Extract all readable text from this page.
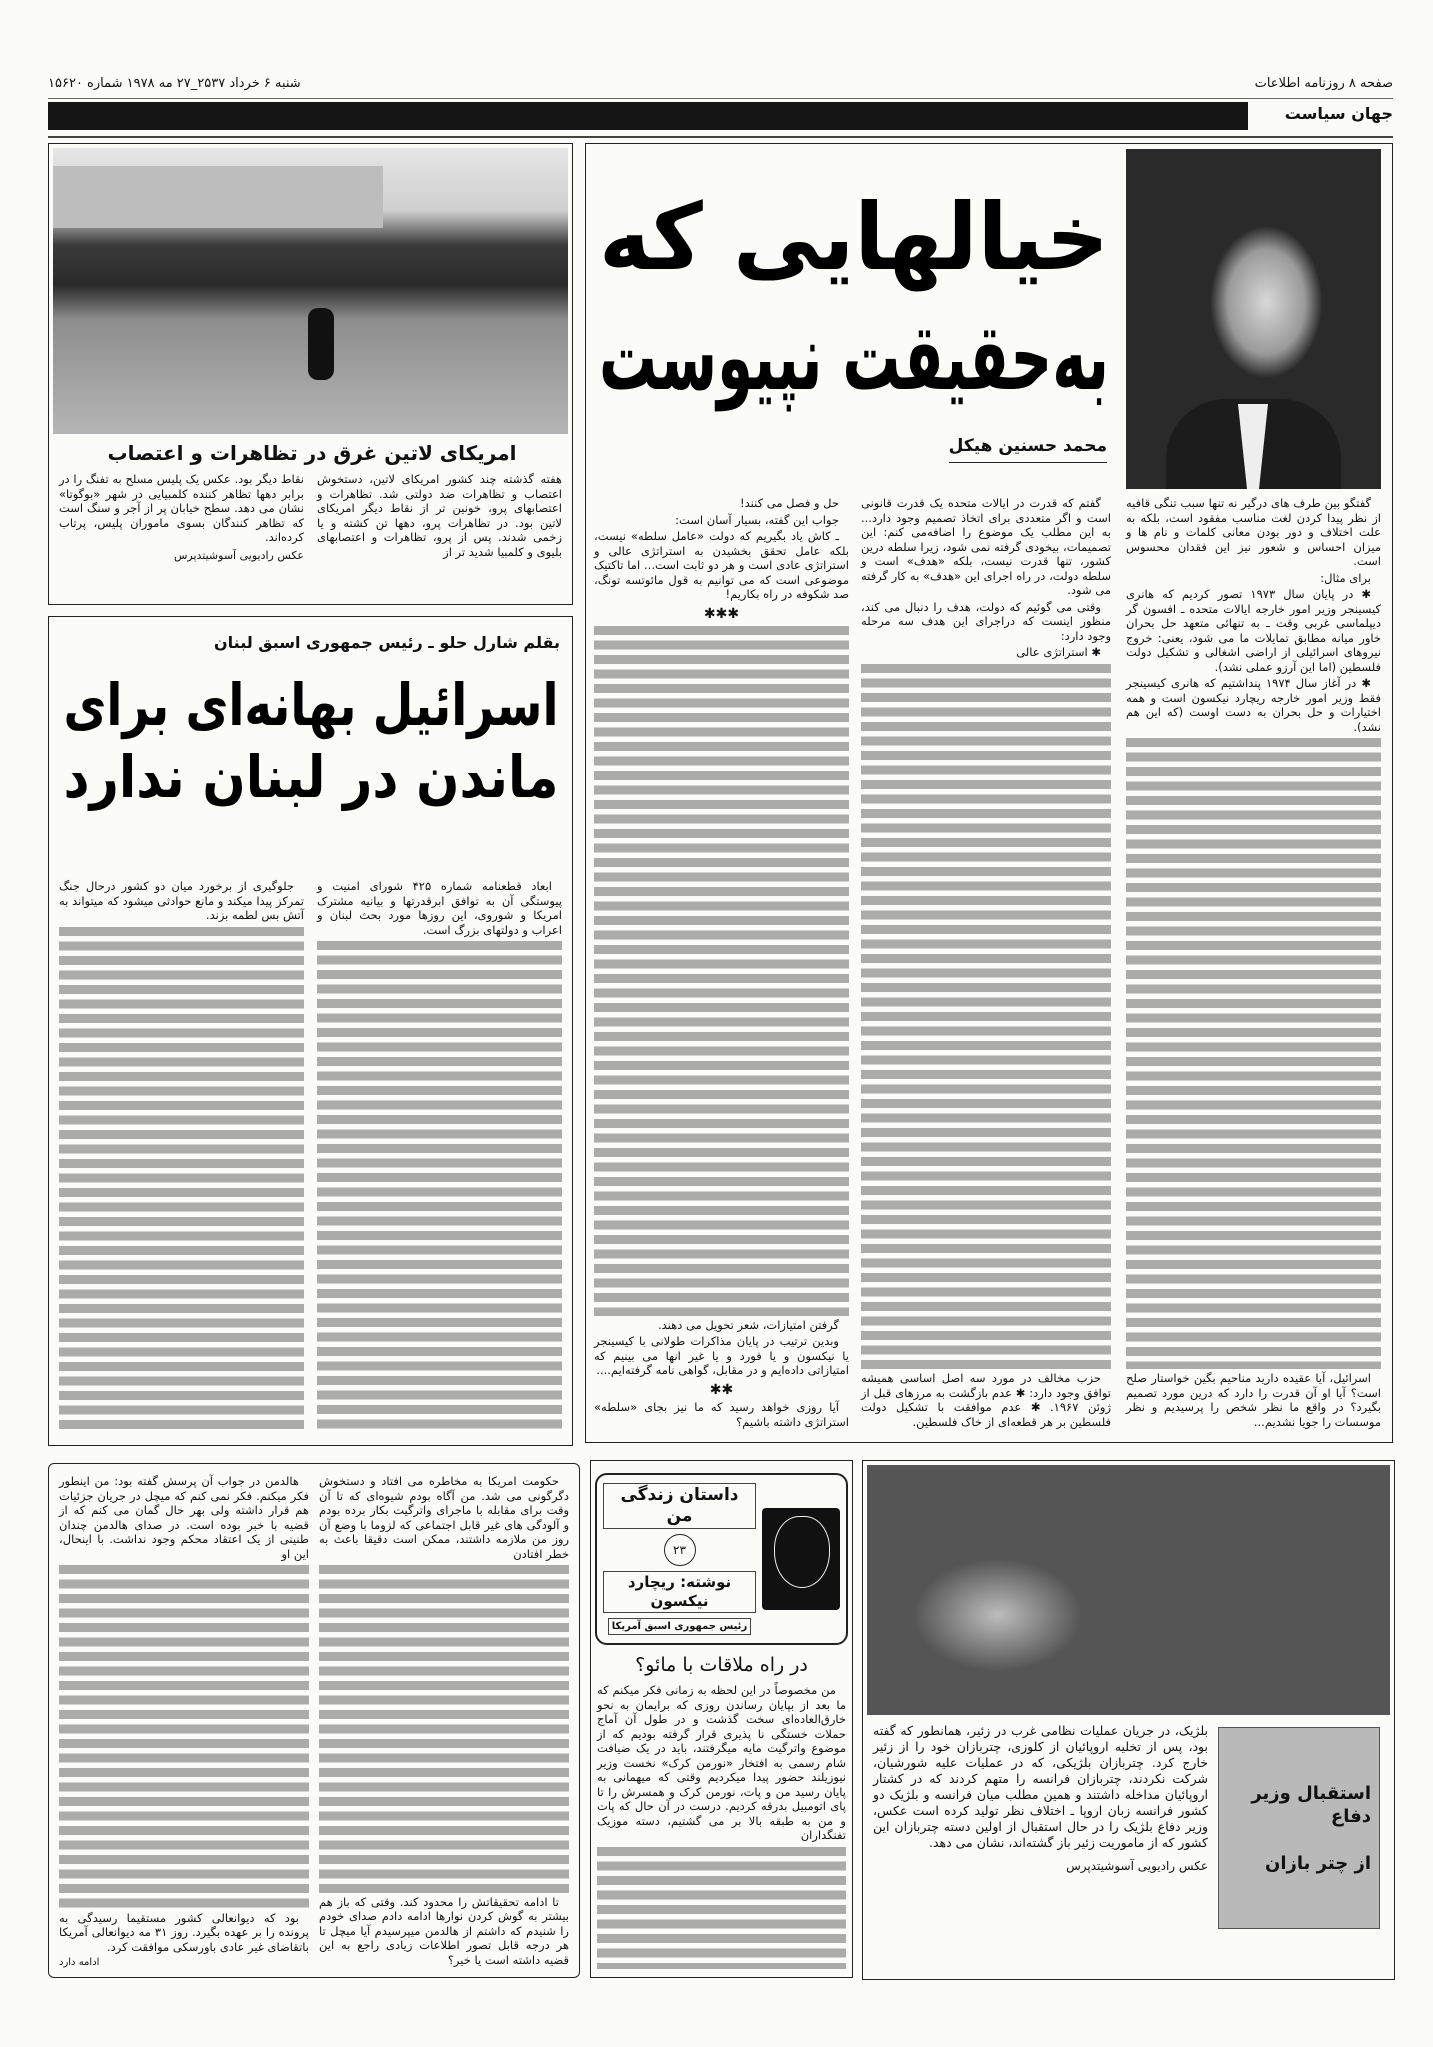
صفحه ۸ روزنامه اطلاعات
شنبه ۶ خرداد ۲۵۳۷_۲۷ مه ۱۹۷۸ شماره ۱۵۶۲۰
جهان سیاست
خیالهایی که
به‌حقیقت نپیوست
محمد حسنین هیکل

گفتگو بین طرف های درگیر نه تنها سبب تنگی قافیه از نظر پیدا کردن لغت مناسب مفقود است، بلکه به علت اختلاف و دور بودن معانی کلمات و نام ها و میزان احساس و شعور نیز این فقدان محسوس است.

برای مثال:

✱ در پایان سال ۱۹۷۳ تصور کردیم که هانری کیسینجر وزیر امور خارجه ایالات متحده ـ افسون گر دیپلماسی غربی وقت ـ به تنهائی متعهد حل بحران خاور میانه مطابق تمایلات ما می شود، یعنی: خروج نیروهای اسرائیلی از اراضی اشغالی و تشکیل دولت فلسطین (اما این آرزو عملی نشد).

✱ در آغاز سال ۱۹۷۴ پنداشتیم که هانری کیسینجر فقط وزیر امور خارجه ریچارد نیکسون است و همه اختیارات و حل بحران به دست اوست (که این هم نشد).

اسرائیل، آیا عقیده دارید مناحیم بگین خواستار صلح است؟ آیا او آن قدرت را دارد که درین مورد تصمیم بگیرد؟ در واقع ما نظر شخص را پرسیدیم و نظر موسسات را جویا نشدیم...

گفتم که قدرت در ایالات متحده یک قدرت قانونی است و اگر متعددی برای اتخاذ تصمیم وجود دارد... به این مطلب یک موضوع را اضافه‌می کنم: این تصمیمات، بیخودی گرفته نمی شود، زیرا سلطه درین کشور، تنها قدرت نیست، بلکه «هدف» است و سلطه دولت، در راه اجرای این «هدف» به کار گرفته می شود.

وقتی می گوئیم که دولت، هدف را دنبال می کند، منظور اینست که دراجرای این هدف سه مرحله وجود دارد:

✱ استراتژی عالی

حزب مخالف در مورد سه اصل اساسی همیشه توافق وجود دارد: ✱ عدم بازگشت به مرزهای قبل از ژوئن ۱۹۶۷. ✱ عدم موافقت با تشکیل دولت فلسطین بر هر قطعه‌ای از خاک فلسطین.

حل و فصل می کنند!

جواب این گفته، بسیار آسان است:

ـ کاش یاد بگیریم که دولت «عامل سلطه» نیست، بلکه عامل تحقق بخشیدن به استراتژی عالی و استراتژی عادی است و هر دو ثابت است... اما تاکتیک موضوعی است که می توانیم به قول مائوتسه تونگ، صد شکوفه در راه بکاریم!

✱✱✱

گرفتن امتیازات، شعر تحویل می دهند.

وبدین ترتیب در پایان مذاکرات طولانی با کیسینجر یا نیکسون و یا فورد و یا غیر انها می بینیم که امتیازاتی داده‌ایم و در مقابل، گواهی نامه گرفته‌ایم....

✱✱

آیا روزی خواهد رسید که ما نیز بجای «سلطه» استراتژی داشته باشیم؟

امریکای لاتین غرق در تظاهرات و اعتصاب
هفته گذشته چند کشور امریکای لاتین، دستخوش اعتصاب و تظاهرات ضد دولتی شد. تظاهرات و اعتصابهای پرو، خونین تر از نقاط دیگر امریکای لاتین بود. در تظاهرات پرو، دهها تن کشته و یا زخمی شدند. پس از پرو، تظاهرات و اعتصابهای بلیوی و کلمبیا شدید تر از
نقاط دیگر بود. عکس یک پلیس مسلح به تفنگ را در برابر دهها تظاهر کننده کلمبیایی در شهر «بوگوتا» نشان می دهد. سطح خیابان پر از آجر و سنگ است که تظاهر کنندگان بسوی ماموران پلیس، پرتاب کرده‌اند.
عکس رادیویی آسوشیتدپرس
بقلم شارل حلو ـ رئیس جمهوری اسبق لبنان
اسرائیل بهانه‌ای برای
ماندن در لبنان ندارد

ابعاد قطعنامه شماره ۴۲۵ شورای امنیت و پیوستگی آن به توافق ابرقدرتها و بیانیه مشترک امریکا و شوروی، این روزها مورد بحث لبنان و اعراب و دولتهای بزرگ است.

جلوگیری از برخورد میان دو کشور درحال جنگ تمرکز پیدا میکند و مانع حوادثی میشود که میتواند به آتش بس لطمه بزند.

حکومت امریکا به مخاطره می افتاد و دستخوش دگرگونی می شد. من آگاه بودم شیوه‌ای که تا آن وقت برای مقابله با ماجرای واترگیت بکار برده بودم و آلودگی های غیر قابل اجتماعی که لزوما با وضع آن روز من ملازمه داشتند، ممکن است دقیقا باعث به خطر افتادن

تا ادامه تحقیقاتش را محدود کند. وقتی که باز هم بیشتر به گوش کردن نوارها ادامه دادم صدای خودم را شنیدم که داشتم از هالدمن میپرسیدم آیا میچل تا هر درجه قابل تصور اطلاعات زیادی راجع به این قضیه داشته است یا خیر؟

هالدمن در جواب آن پرسش گفته بود: من اینطور فکر میکنم. فکر نمی کنم که میچل در جریان جزئیات هم قرار داشته ولی بهر حال گمان می کنم که از قضیه با خبر بوده است. در صدای هالدمن چندان طنینی از یک اعتقاد محکم وجود نداشت. با اینحال، این او

بود که دیوانعالی کشور مستقیما رسیدگی به پرونده را بر عهده بگیرد. روز ۳۱ مه دیوانعالی آمریکا باتقاضای غیر عادی باورسکی موافقت کرد.

ادامه دارد
داستان زندگی من
۲۳
نوشته: ریچارد نیکسون
رئیس جمهوری اسبق آمریکا
در راه ملاقات با مائو؟

من مخصوصاً در این لحظه به زمانی فکر میکنم که ما بعد از بپایان رساندن روزی که برایمان به نحو خارق‌العاده‌ای سخت گذشت و در طول آن آماج حملات خستگی نا پذیری قرار گرفته بودیم که از موضوع واترگیت مایه میگرفتند، باید در یک ضیافت شام رسمی به افتخار «نورمن کرک» نخست وزیر نیوزیلند حضور پیدا میکردیم وقتی که میهمانی به پایان رسید من و پات، نورمن کرک و همسرش را تا پای اتومبیل بدرقه کردیم. درست در آن حال که پات و من به طبقه بالا بر می گشتیم، دسته موزیک تفنگداران

استقبال وزیر دفاع
از چتر بازان
بلژیک، در جریان عملیات نظامی غرب در زئیر، همانطور که گفته بود، پس از تخلیه اروپائیان از کلوزی، چتربازان خود را از زئیر خارج کرد. چتربازان بلژیکی، که در عملیات علیه شورشیان، شرکت نکردند، چتربازان فرانسه را متهم کردند که در کشتار اروپائیان مداخله داشتند و همین مطلب میان فرانسه و بلژیک دو کشور فرانسه زبان اروپا ـ اختلاف نظر تولید کرده است عکس، وزیر دفاع بلژیک را در حال استقبال از اولین دسته چتربازان این کشور که از ماموریت زئیر باز گشته‌اند، نشان می دهد.
عکس رادیویی آسوشیتدپرس
